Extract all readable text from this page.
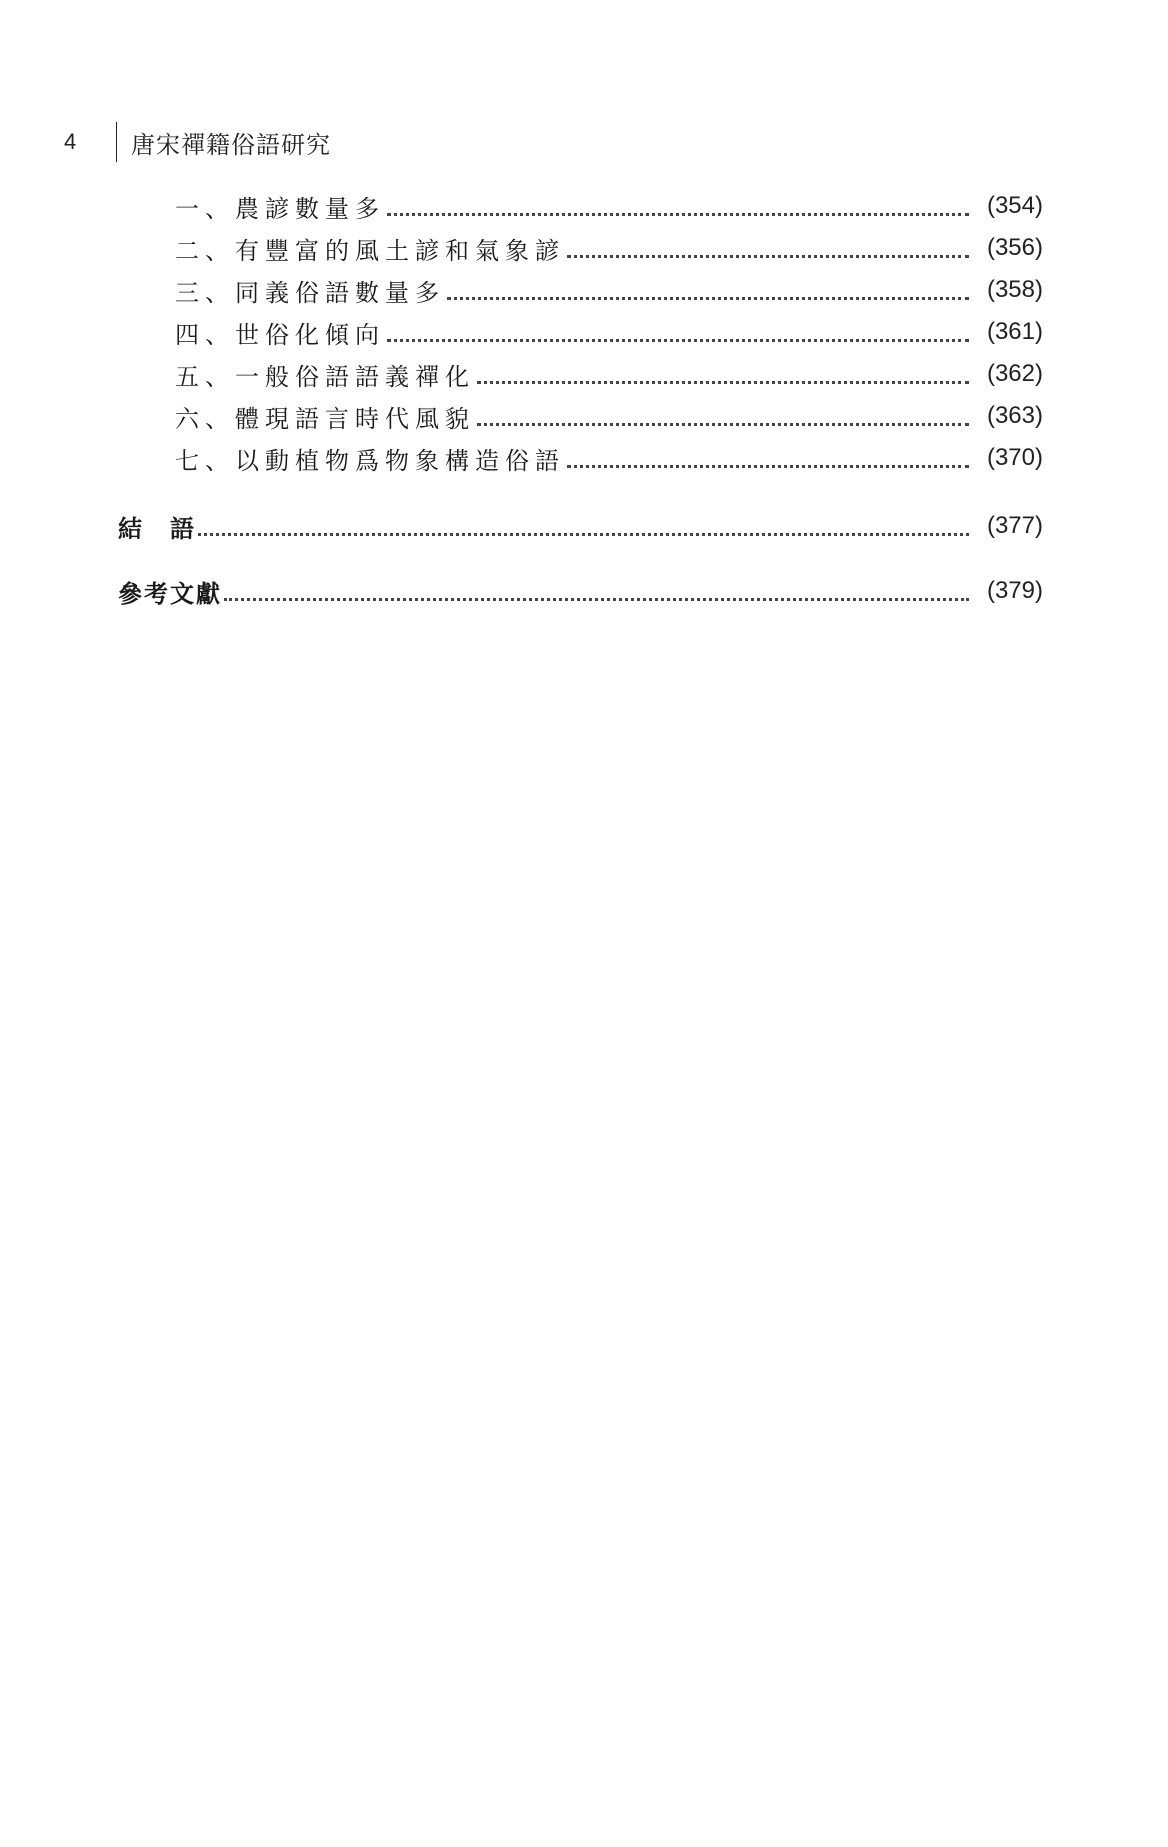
4	唐宋禪籍俗語研究
一、農諺數量多	(354)
二、有豐富的風土諺和氣象諺	(356)
三、同義俗語數量多	(358)
四、世俗化傾向	(361)
五、一般俗語語義禪化	(362)
六、體現語言時代風貌	(363)
七、以動植物爲物象構造俗語	(370)
結　語	(377)
參考文獻	(379)
